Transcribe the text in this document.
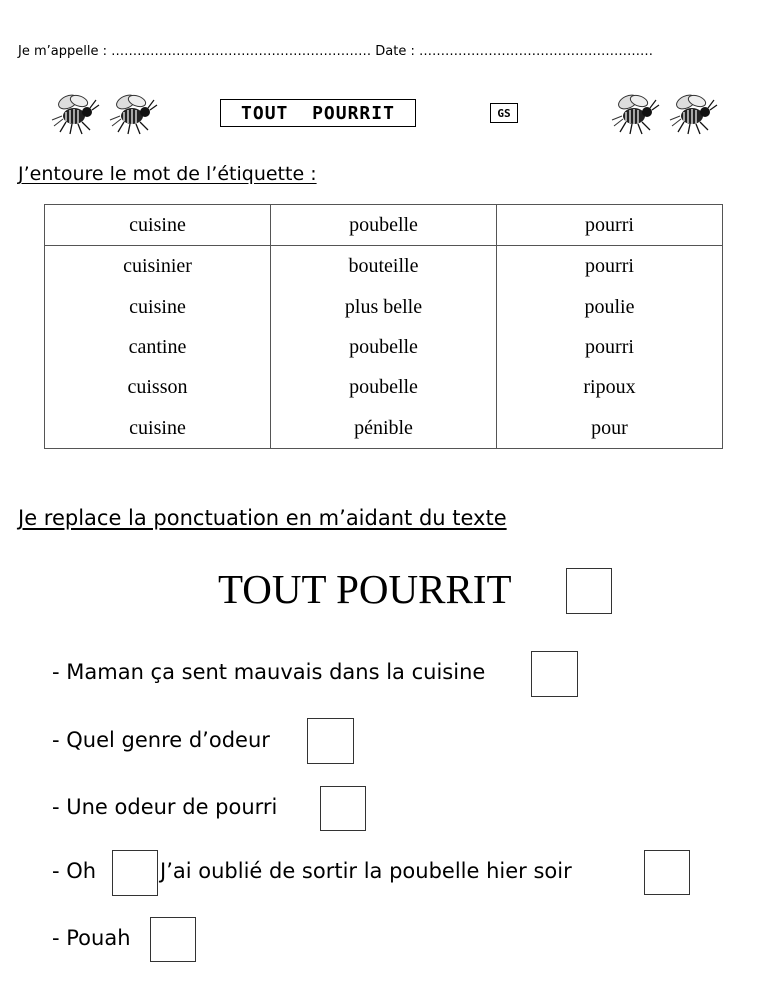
Je m’appelle : …………………………………………………… Date : ………………………………………………
TOUT  POURRIT	GS
J’entoure le mot de l’étiquette :
cuisine	poubelle	pourri
cuisinier	bouteille	pourri
cuisine	plus belle	poulie
cantine	poubelle	pourri
cuisson	poubelle	ripoux
cuisine	pénible	pour
Je replace la ponctuation en m’aidant du texte
TOUT POURRIT
- Maman ça sent mauvais dans la cuisine
- Quel genre d’odeur
- Une odeur de pourri
- Oh	J’ai oublié de sortir la poubelle hier soir
- Pouah
